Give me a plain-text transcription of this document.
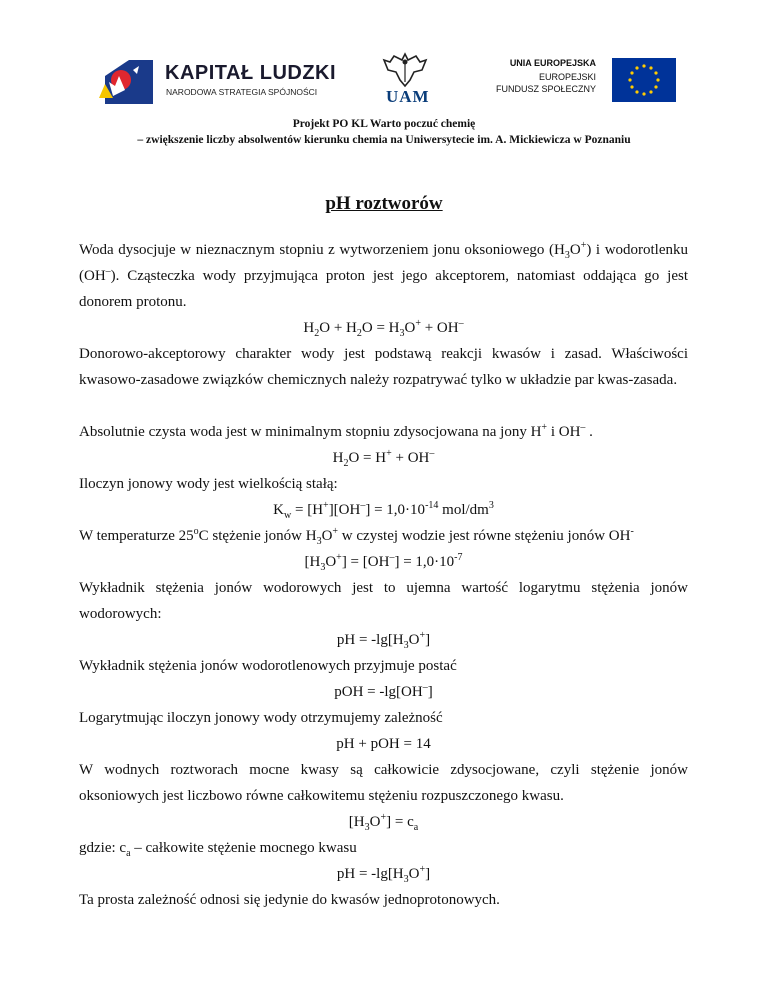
KAPITAŁ LUDZKI
NARODOWA STRATEGIA SPÓJNOŚCI	UAM
UNIA EUROPEJSKA
EUROPEJSKI
FUNDUSZ SPOŁECZNY
Projekt PO KL Warto poczuć chemię
– zwiększenie liczby absolwentów kierunku chemia na Uniwersytecie im. A. Mickiewicza w Poznaniu
pH roztworów
Woda dysocjuje w nieznacznym stopniu z wytworzeniem jonu oksoniowego $(H_3O^+)$ i wodorotlenku (OH–). Cząsteczka wody przyjmująca proton jest jego akceptorem, natomiast oddająca go jest donorem protonu.
$H_2O + H_2O = H_3O^+ + OH^-$
Donorowo-akceptorowy charakter wody jest podstawą reakcji kwasów i zasad. Właściwości kwasowo-zasadowe związków chemicznych należy rozpatrywać tylko w układzie par kwas-zasada.
Absolutnie czysta woda jest w minimalnym stopniu zdysocjowana na jony H+ i OH– .
$H_2O = H^+ + OH^-$
Iloczyn jonowy wody jest wielkością stałą:
$K_w = [H^+][OH^-] = 1,0\cdot 10^{-14}$ mol/$dm^3$
W temperaturze 25$^o$C stężenie jonów $H_3O^+$ w czystej wodzie jest równe stężeniu jonów OH-
$[H_3O^+] = [OH^-] = 1,0\cdot 10^{-7}$
Wykładnik stężenia jonów wodorowych jest to ujemna wartość logarytmu stężenia jonów wodorowych:
pH = $-\lg[H_3O^+]$
Wykładnik stężenia jonów wodorotlenowych przyjmuje postać
pOH = -lg[OH–]
Logarytmując iloczyn jonowy wody otrzymujemy zależność
pH + pOH = 14
W wodnych roztworach mocne kwasy są całkowicie zdysocjowane, czyli stężenie jonów oksoniowych jest liczbowo równe całkowitemu stężeniu rozpuszczonego kwasu.
$[H_3O^+] = c_a$
gdzie: $c_a$ – całkowite stężenie mocnego kwasu
pH = $-\lg[H_3O^+]$
Ta prosta zależność odnosi się jedynie do kwasów jednoprotonowych.
